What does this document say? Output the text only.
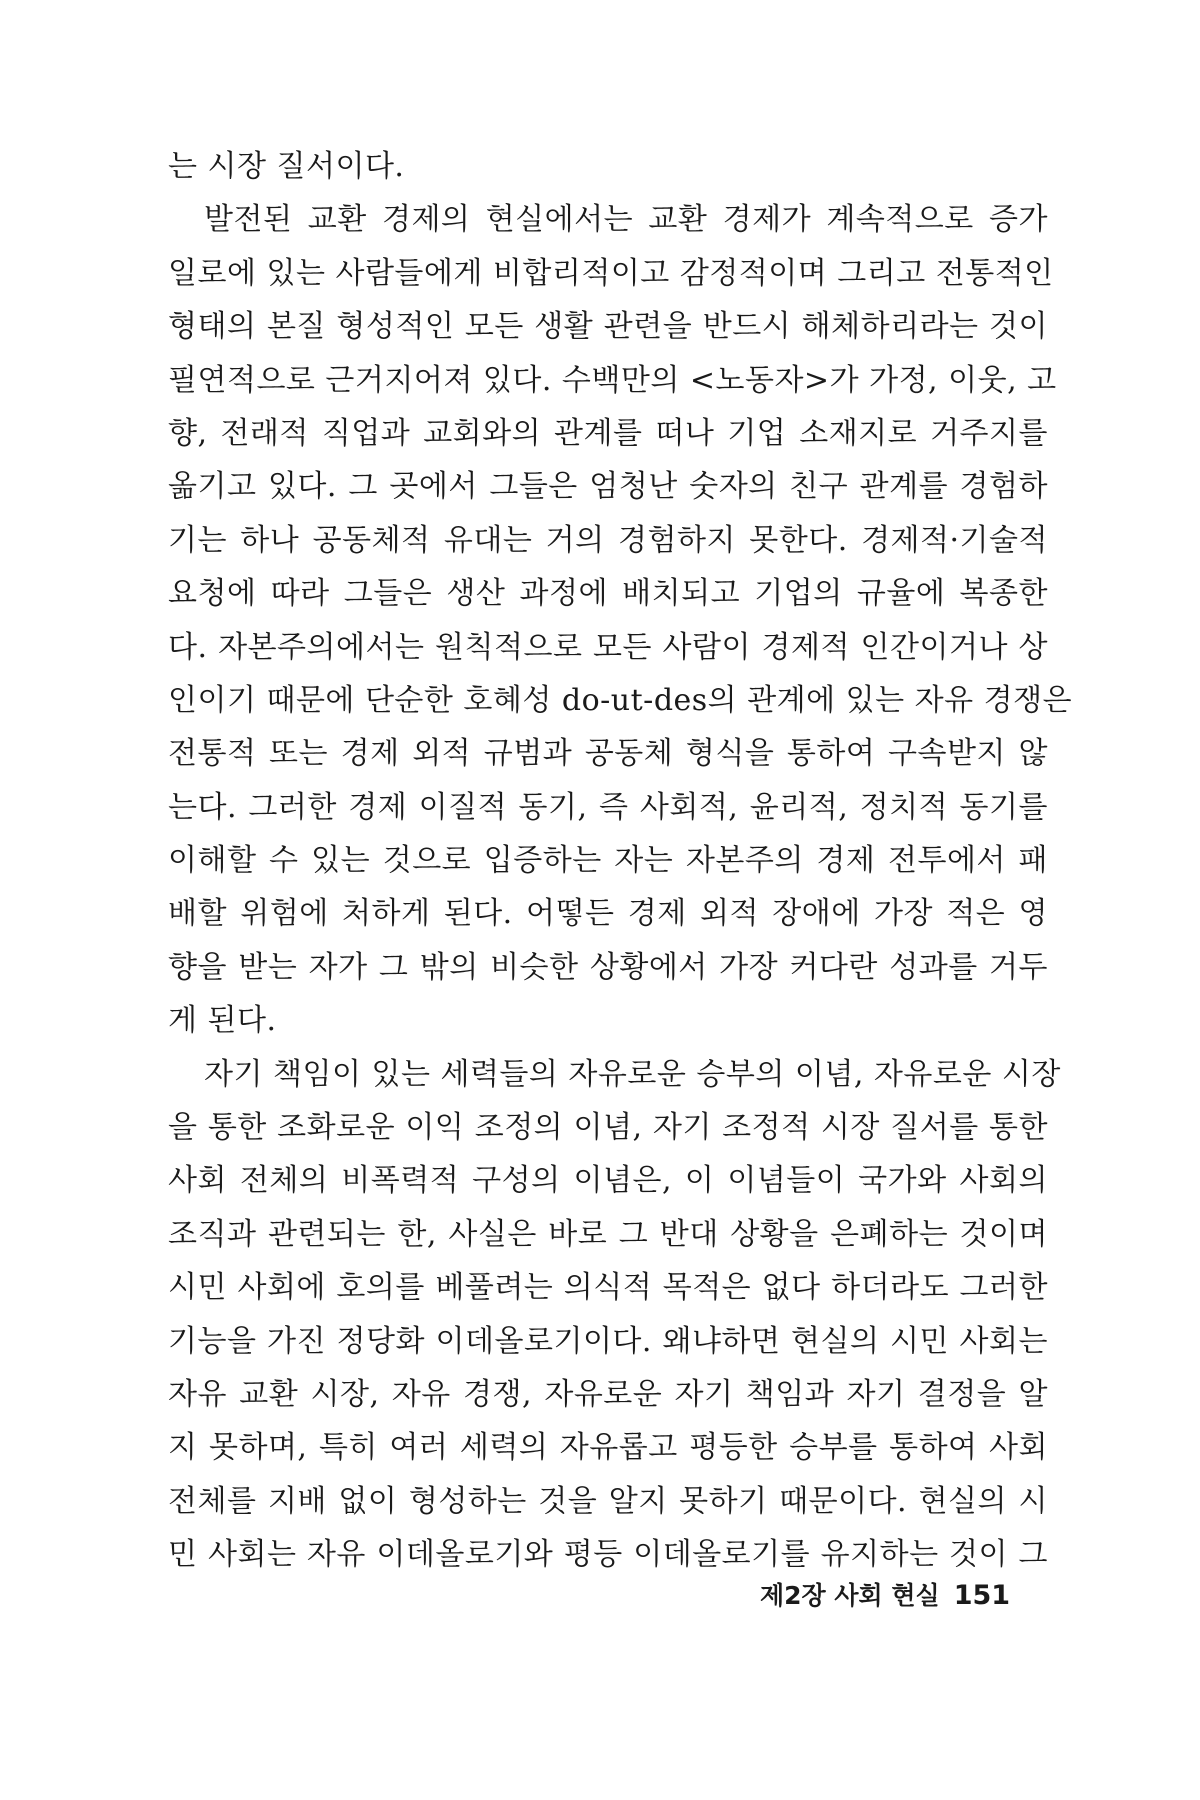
는 시장 질서이다.
발전된 교환 경제의 현실에서는 교환 경제가 계속적으로 증가
일로에 있는 사람들에게 비합리적이고 감정적이며 그리고 전통적인
형태의 본질 형성적인 모든 생활 관련을 반드시 해체하리라는 것이
필연적으로 근거지어져 있다. 수백만의 <노동자>가 가정, 이웃, 고
향, 전래적 직업과 교회와의 관계를 떠나 기업 소재지로 거주지를
옮기고 있다. 그 곳에서 그들은 엄청난 숫자의 친구 관계를 경험하
기는 하나 공동체적 유대는 거의 경험하지 못한다. 경제적·기술적
요청에 따라 그들은 생산 과정에 배치되고 기업의 규율에 복종한
다. 자본주의에서는 원칙적으로 모든 사람이 경제적 인간이거나 상
인이기 때문에 단순한 호혜성 do-ut-des의 관계에 있는 자유 경쟁은
전통적 또는 경제 외적 규범과 공동체 형식을 통하여 구속받지 않
는다. 그러한 경제 이질적 동기, 즉 사회적, 윤리적, 정치적 동기를
이해할 수 있는 것으로 입증하는 자는 자본주의 경제 전투에서 패
배할 위험에 처하게 된다. 어떻든 경제 외적 장애에 가장 적은 영
향을 받는 자가 그 밖의 비슷한 상황에서 가장 커다란 성과를 거두
게 된다.
자기 책임이 있는 세력들의 자유로운 승부의 이념, 자유로운 시장
을 통한 조화로운 이익 조정의 이념, 자기 조정적 시장 질서를 통한
사회 전체의 비폭력적 구성의 이념은, 이 이념들이 국가와 사회의
조직과 관련되는 한, 사실은 바로 그 반대 상황을 은폐하는 것이며
시민 사회에 호의를 베풀려는 의식적 목적은 없다 하더라도 그러한
기능을 가진 정당화 이데올로기이다. 왜냐하면 현실의 시민 사회는
자유 교환 시장, 자유 경쟁, 자유로운 자기 책임과 자기 결정을 알
지 못하며, 특히 여러 세력의 자유롭고 평등한 승부를 통하여 사회
전체를 지배 없이 형성하는 것을 알지 못하기 때문이다. 현실의 시
민 사회는 자유 이데올로기와 평등 이데올로기를 유지하는 것이 그
제2장 사회 현실 151
